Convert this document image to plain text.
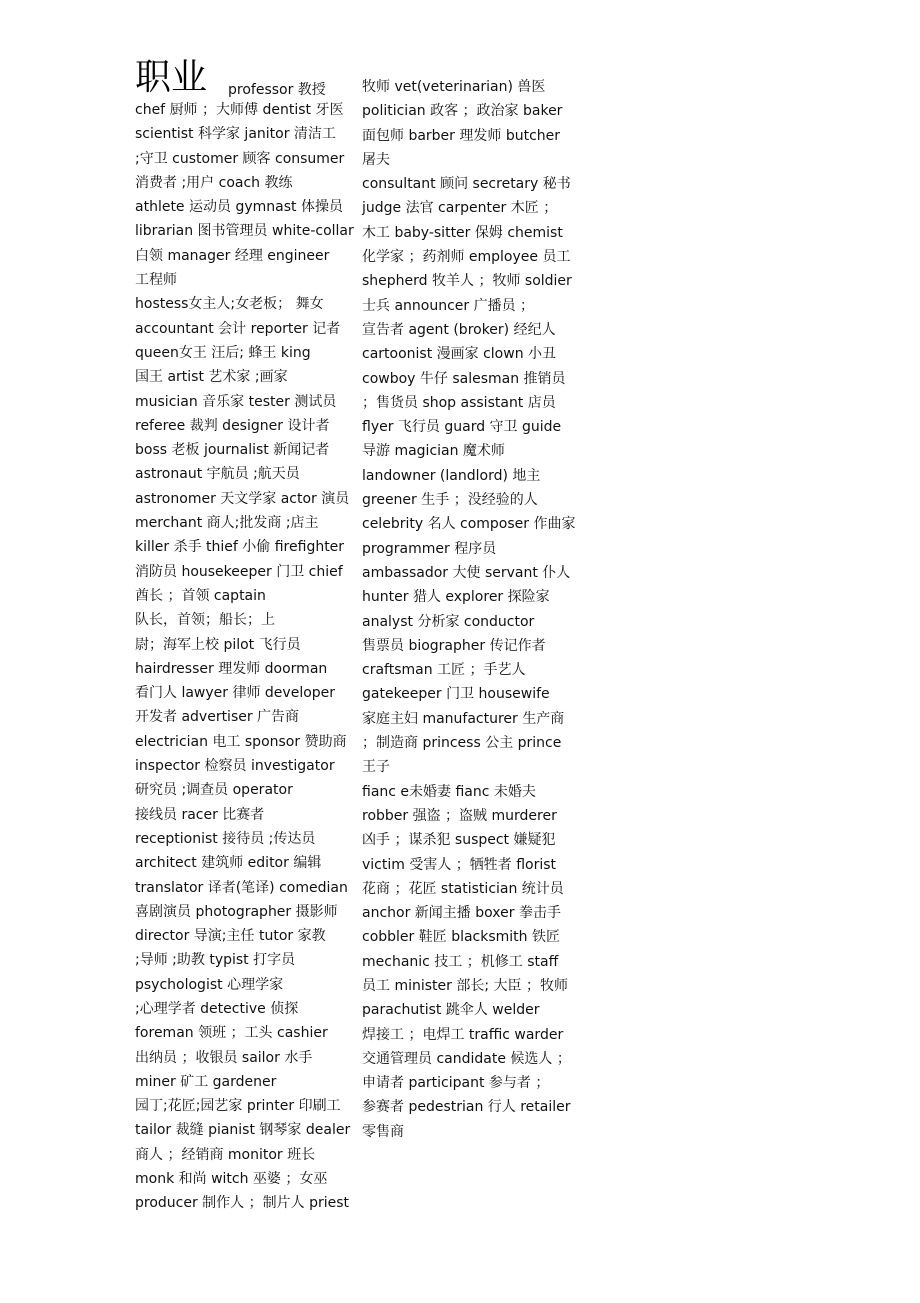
职业 professor 教授
chef 厨师 ；大师傅 dentist 牙医
scientist 科学家 janitor 清洁工
;守卫 customer 顾客 consumer
消费者 ;用户 coach 教练
athlete 运动员 gymnast 体操员
librarian 图书管理员 white-collar
白领 manager 经理 engineer
工程师
hostess女主人;女老板； 舞女
accountant 会计 reporter 记者
queen女王 汪后; 蜂王 king
国王 artist 艺术家 ;画家
musician 音乐家 tester 测试员
referee 裁判 designer 设计者
boss 老板 journalist 新闻记者
astronaut 宇航员 ;航天员
astronomer 天文学家 actor 演员
merchant 商人;批发商 ;店主
killer 杀手 thief 小偷 firefighter
消防员 housekeeper 门卫 chief
酋长 ；首领 captain
队长，首领；船长；上
尉；海军上校 pilot 飞行员
hairdresser 理发师 doorman
看门人 lawyer 律师 developer
开发者 advertiser 广告商
electrician 电工 sponsor 赞助商
inspector 检察员 investigator
研究员 ;调查员 operator
接线员 racer 比赛者
receptionist 接待员 ;传达员
architect 建筑师 editor 编辑
translator 译者(笔译) comedian
喜剧演员 photographer 摄影师
director 导演;主任 tutor 家教
;导师 ;助教 typist 打字员
psychologist 心理学家
;心理学者 detective 侦探
foreman 领班 ；工头 cashier
出纳员 ；收银员 sailor 水手
miner 矿工 gardener
园丁;花匠;园艺家 printer 印刷工
tailor 裁缝 pianist 钢琴家 dealer
商人 ；经销商 monitor 班长
monk 和尚 witch 巫婆 ；女巫
producer 制作人 ；制片人 priest
牧师 vet(veterinarian) 兽医
politician 政客 ；政治家 baker
面包师 barber 理发师 butcher
屠夫
consultant 顾问 secretary 秘书
judge 法官 carpenter 木匠 ；
木工 baby-sitter 保姆 chemist
化学家 ；药剂师 employee 员工
shepherd 牧羊人 ；牧师 soldier
士兵 announcer 广播员 ；
宣告者 agent (broker) 经纪人
cartoonist 漫画家 clown 小丑
cowboy 牛仔 salesman 推销员
；售货员 shop assistant 店员
flyer 飞行员 guard 守卫 guide
导游 magician 魔术师
landowner (landlord) 地主
greener 生手 ；没经验的人
celebrity 名人 composer 作曲家
programmer 程序员
ambassador 大使 servant 仆人
hunter 猎人 explorer 探险家
analyst 分析家 conductor
售票员 biographer 传记作者
craftsman 工匠 ；手艺人
gatekeeper 门卫 housewife
家庭主妇 manufacturer 生产商
；制造商 princess 公主 prince
王子
fianc e未婚妻 fianc 未婚夫
robber 强盗 ；盗贼 murderer
凶手 ；谋杀犯 suspect 嫌疑犯
victim 受害人 ；牺牲者 florist
花商 ；花匠 statistician 统计员
anchor 新闻主播 boxer 拳击手
cobbler 鞋匠 blacksmith 铁匠
mechanic 技工 ；机修工 staff
员工 minister 部长; 大臣 ；牧师
parachutist 跳伞人 welder
焊接工 ；电焊工 traffic warder
交通管理员 candidate 候选人 ；
申请者 participant 参与者 ；
参赛者 pedestrian 行人 retailer
零售商
